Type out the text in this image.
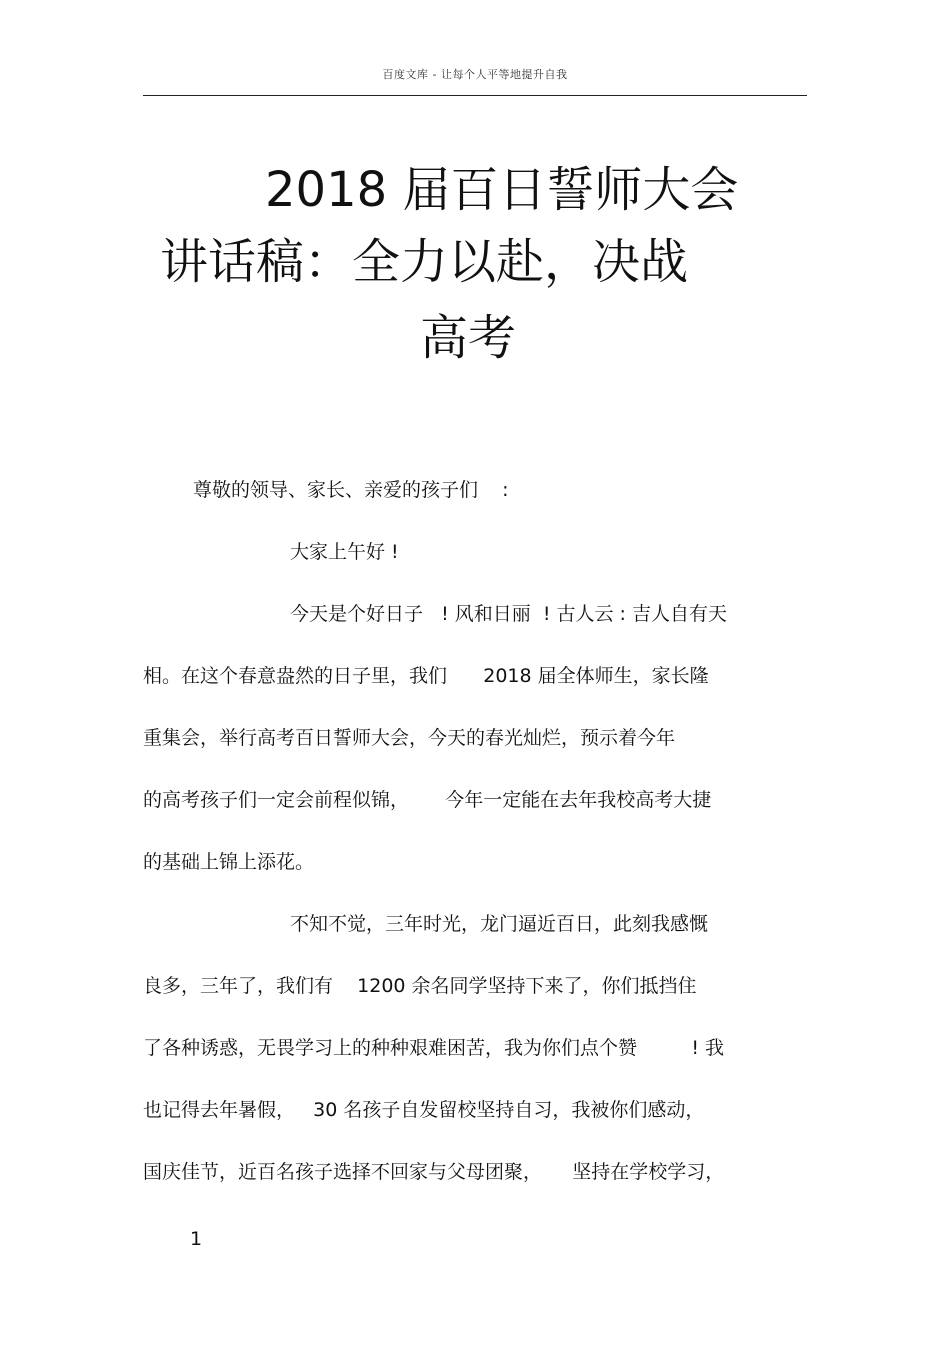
百度文库 - 让每个人平等地提升自我
2018 届百日誓师大会
讲话稿：全力以赴，决战
高考
尊敬的领导、家长、亲爱的孩子们    :
大家上午好 !
今天是个好日子   ! 风和日丽  ! 古人云 : 吉人自有天
相。在这个春意盎然的日子里，我们      2018 届全体师生，家长隆
重集会，举行高考百日誓师大会，今天的春光灿烂，预示着今年
的高考孩子们一定会前程似锦，      今年一定能在去年我校高考大捷
的基础上锦上添花。
不知不觉，三年时光，龙门逼近百日，此刻我感慨
良多，三年了，我们有    1200 余名同学坚持下来了，你们抵挡住
了各种诱惑，无畏学习上的种种艰难困苦，我为你们点个赞         ! 我
也记得去年暑假，   30 名孩子自发留校坚持自习，我被你们感动，
国庆佳节，近百名孩子选择不回家与父母团聚，     坚持在学校学习，
1
